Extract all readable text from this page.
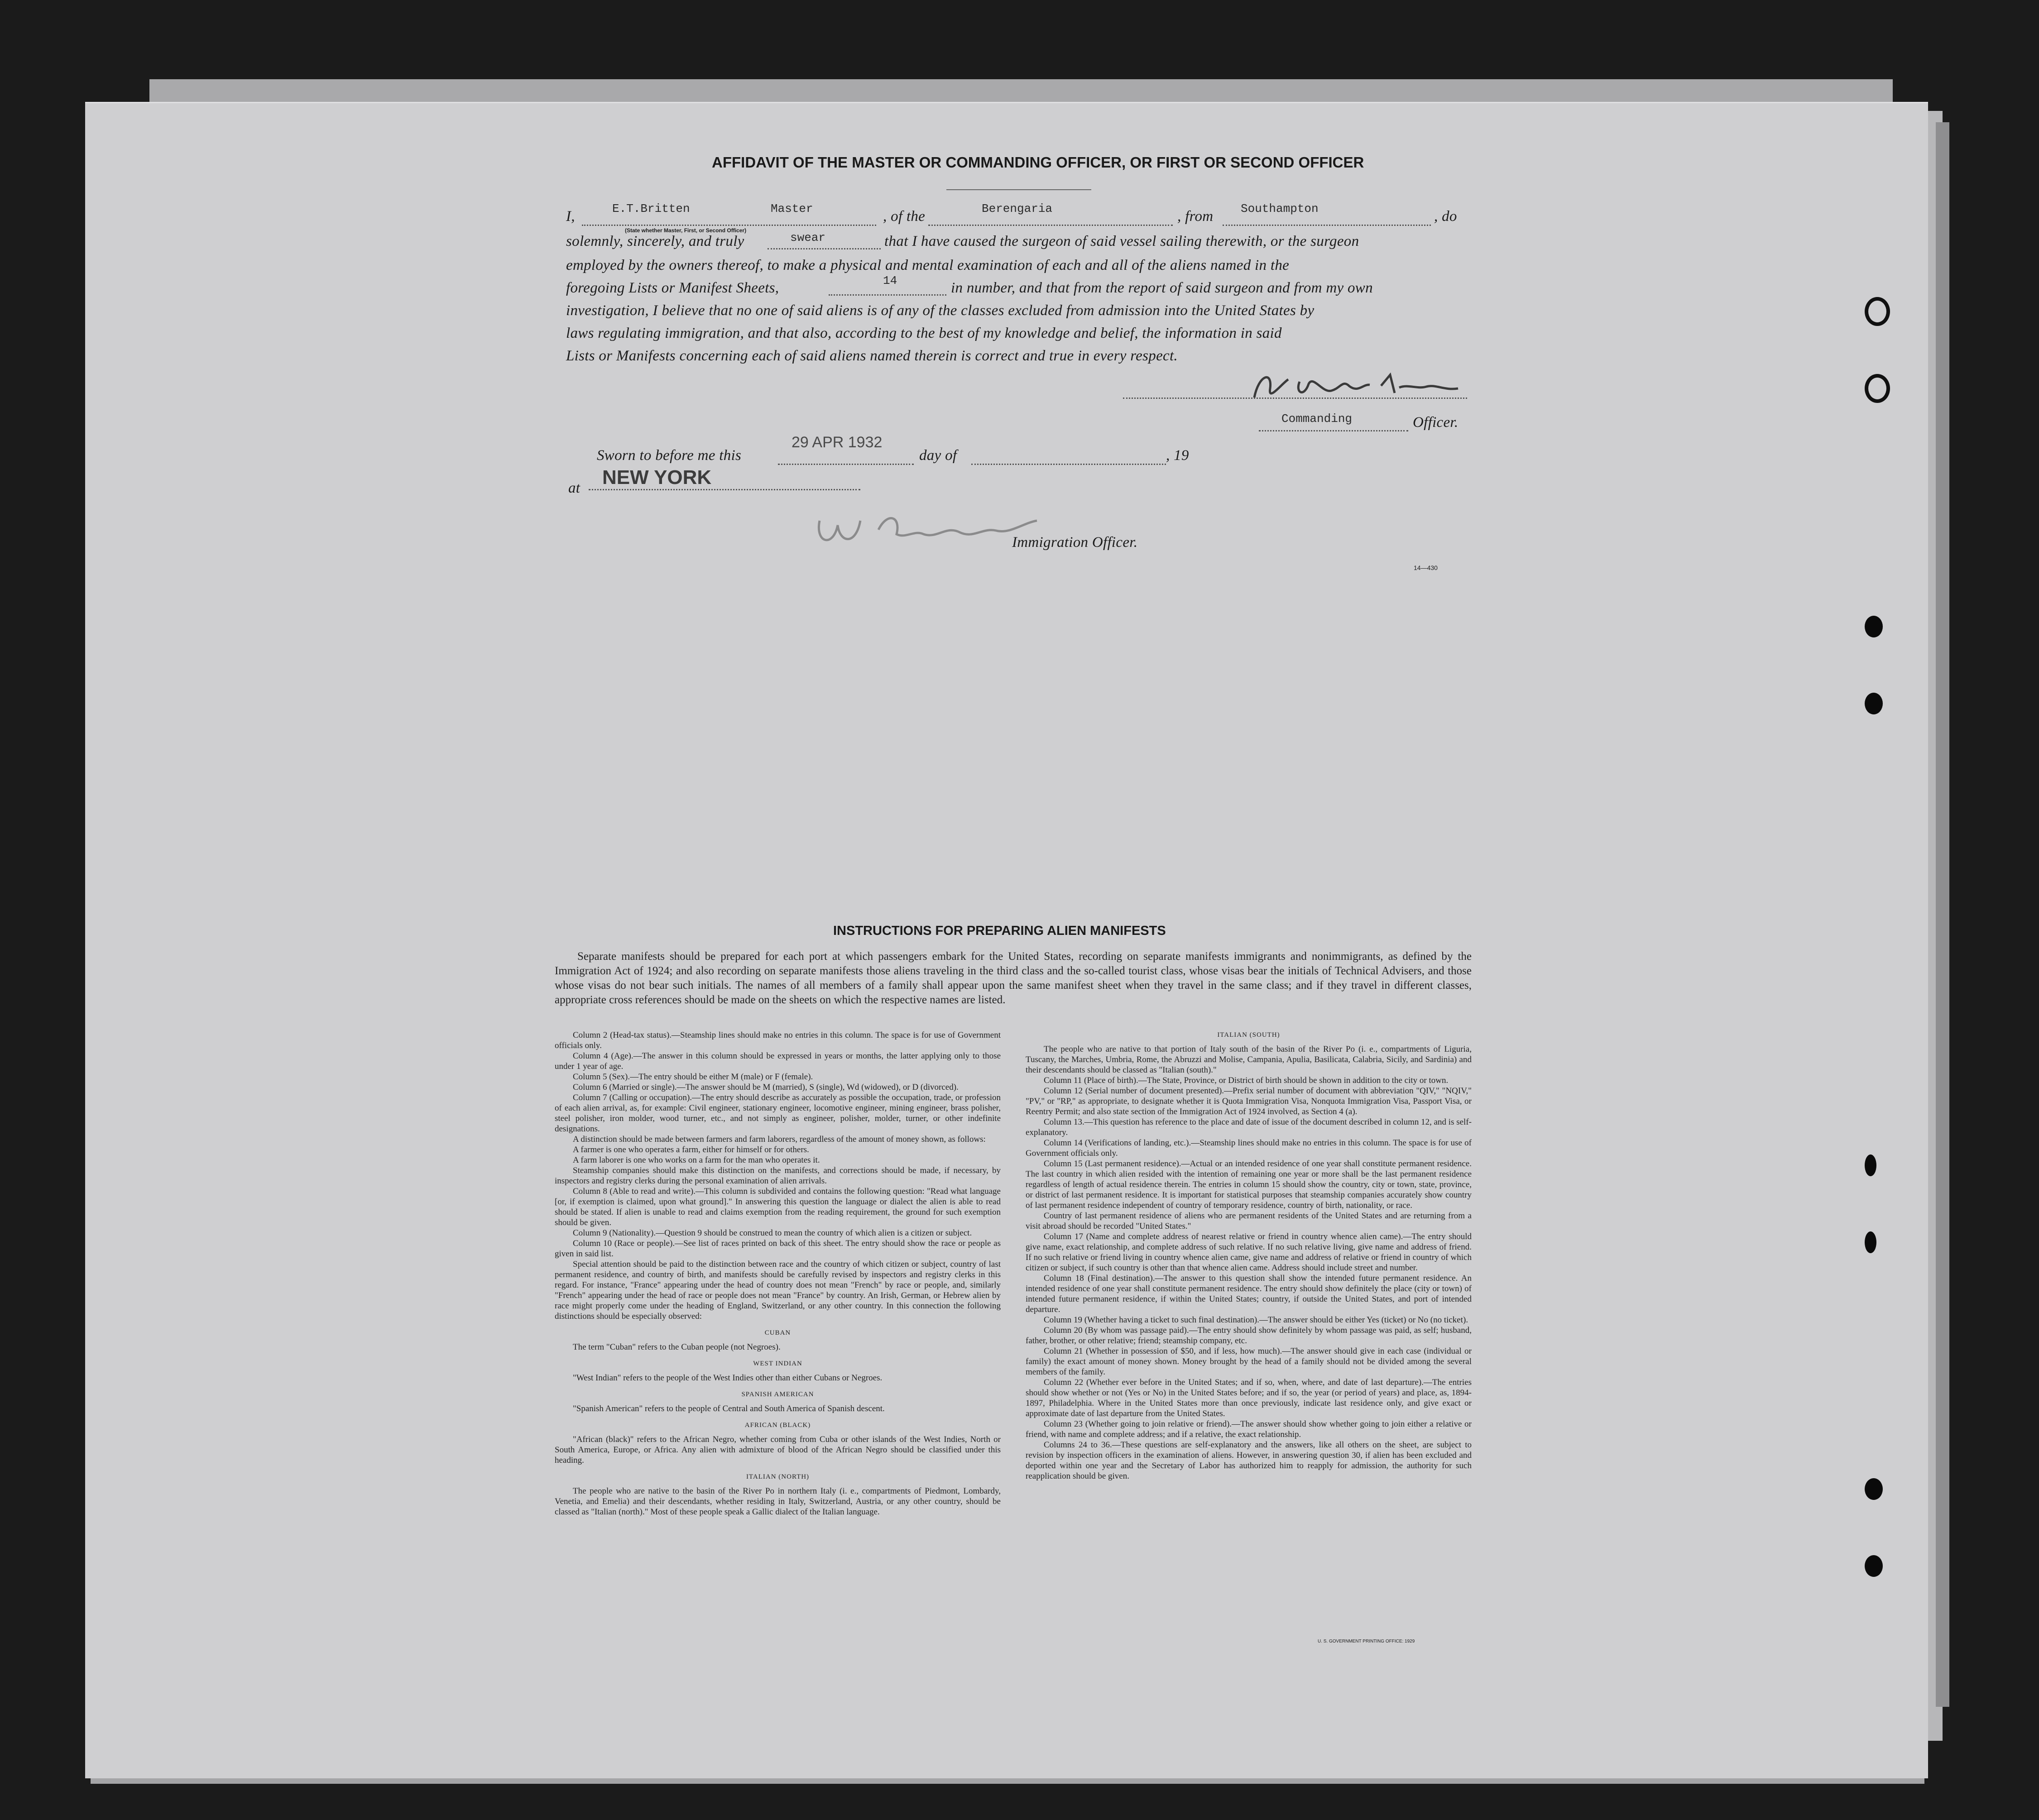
AFFIDAVIT OF THE MASTER OR COMMANDING OFFICER, OR FIRST OR SECOND OFFICER
I,	, of the	, from	, do
E.T.Britten	Master	Berengaria	Southampton
(State whether Master, First, or Second Officer)
solemnly, sincerely, and truly	that I have caused the surgeon of said vessel sailing therewith, or the surgeon
swear
employed by the owners thereof, to make a physical and mental examination of each and all of the aliens named in the
foregoing Lists or Manifest Sheets,	in number, and that from the report of said surgeon and from my own
14
investigation, I believe that no one of said aliens is of any of the classes excluded from admission into the United States by
laws regulating immigration, and that also, according to the best of my knowledge and belief, the information in said
Lists or Manifests concerning each of said aliens named therein is correct and true in every respect.
Commanding	Officer.
Sworn to before me this
29 APR 1932
day of	, 19
at NEW YORK
Immigration Officer.
14—430
INSTRUCTIONS FOR PREPARING ALIEN MANIFESTS
Separate manifests should be prepared for each port at which passengers embark for the United States, recording on separate manifests immigrants and nonimmigrants, as defined by the Immigration Act of 1924; and also recording on separate manifests those aliens traveling in the third class and the so-called tourist class, whose visas bear the initials of Technical Advisers, and those whose visas do not bear such initials. The names of all members of a family shall appear upon the same manifest sheet when they travel in the same class; and if they travel in different classes, appropriate cross references should be made on the sheets on which the respective names are listed.

Column 2 (Head-tax status).—Steamship lines should make no entries in this column. The space is for use of Government officials only.

Column 4 (Age).—The answer in this column should be expressed in years or months, the latter applying only to those under 1 year of age.

Column 5 (Sex).—The entry should be either M (male) or F (female).

Column 6 (Married or single).—The answer should be M (married), S (single), Wd (widowed), or D (divorced).

Column 7 (Calling or occupation).—The entry should describe as accurately as possible the occupation, trade, or profession of each alien arrival, as, for example: Civil engineer, stationary engineer, locomotive engineer, mining engineer, brass polisher, steel polisher, iron molder, wood turner, etc., and not simply as engineer, polisher, molder, turner, or other indefinite designations.

A distinction should be made between farmers and farm laborers, regardless of the amount of money shown, as follows:

A farmer is one who operates a farm, either for himself or for others.

A farm laborer is one who works on a farm for the man who operates it.

Steamship companies should make this distinction on the manifests, and corrections should be made, if necessary, by inspectors and registry clerks during the personal examination of alien arrivals.

Column 8 (Able to read and write).—This column is subdivided and contains the following question: "Read what language [or, if exemption is claimed, upon what ground]." In answering this question the language or dialect the alien is able to read should be stated. If alien is unable to read and claims exemption from the reading requirement, the ground for such exemption should be given.

Column 9 (Nationality).—Question 9 should be construed to mean the country of which alien is a citizen or subject.

Column 10 (Race or people).—See list of races printed on back of this sheet. The entry should show the race or people as given in said list.

Special attention should be paid to the distinction between race and the country of which citizen or subject, country of last permanent residence, and country of birth, and manifests should be carefully revised by inspectors and registry clerks in this regard. For instance, "France" appearing under the head of country does not mean "French" by race or people, and, similarly "French" appearing under the head of race or people does not mean "France" by country. An Irish, German, or Hebrew alien by race might properly come under the heading of England, Switzerland, or any other country. In this connection the following distinctions should be especially observed:

CUBAN

The term "Cuban" refers to the Cuban people (not Negroes).

WEST INDIAN

"West Indian" refers to the people of the West Indies other than either Cubans or Negroes.

SPANISH AMERICAN

"Spanish American" refers to the people of Central and South America of Spanish descent.

AFRICAN (BLACK)

"African (black)" refers to the African Negro, whether coming from Cuba or other islands of the West Indies, North or South America, Europe, or Africa. Any alien with admixture of blood of the African Negro should be classified under this heading.

ITALIAN (NORTH)

The people who are native to the basin of the River Po in northern Italy (i. e., compartments of Piedmont, Lombardy, Venetia, and Emelia) and their descendants, whether residing in Italy, Switzerland, Austria, or any other country, should be classed as "Italian (north)." Most of these people speak a Gallic dialect of the Italian language.

ITALIAN (SOUTH)

The people who are native to that portion of Italy south of the basin of the River Po (i. e., compartments of Liguria, Tuscany, the Marches, Umbria, Rome, the Abruzzi and Molise, Campania, Apulia, Basilicata, Calabria, Sicily, and Sardinia) and their descendants should be classed as "Italian (south)."

Column 11 (Place of birth).—The State, Province, or District of birth should be shown in addition to the city or town.

Column 12 (Serial number of document presented).—Prefix serial number of document with abbreviation "QIV," "NQIV," "PV," or "RP," as appropriate, to designate whether it is Quota Immigration Visa, Nonquota Immigration Visa, Passport Visa, or Reentry Permit; and also state section of the Immigration Act of 1924 involved, as Section 4 (a).

Column 13.—This question has reference to the place and date of issue of the document described in column 12, and is self-explanatory.

Column 14 (Verifications of landing, etc.).—Steamship lines should make no entries in this column. The space is for use of Government officials only.

Column 15 (Last permanent residence).—Actual or an intended residence of one year shall constitute permanent residence. The last country in which alien resided with the intention of remaining one year or more shall be the last permanent residence regardless of length of actual residence therein. The entries in column 15 should show the country, city or town, state, province, or district of last permanent residence. It is important for statistical purposes that steamship companies accurately show country of last permanent residence independent of country of temporary residence, country of birth, nationality, or race.

Country of last permanent residence of aliens who are permanent residents of the United States and are returning from a visit abroad should be recorded "United States."

Column 17 (Name and complete address of nearest relative or friend in country whence alien came).—The entry should give name, exact relationship, and complete address of such relative. If no such relative living, give name and address of friend. If no such relative or friend living in country whence alien came, give name and address of relative or friend in country of which citizen or subject, if such country is other than that whence alien came. Address should include street and number.

Column 18 (Final destination).—The answer to this question shall show the intended future permanent residence. An intended residence of one year shall constitute permanent residence. The entry should show definitely the place (city or town) of intended future permanent residence, if within the United States; country, if outside the United States, and port of intended departure.

Column 19 (Whether having a ticket to such final destination).—The answer should be either Yes (ticket) or No (no ticket).

Column 20 (By whom was passage paid).—The entry should show definitely by whom passage was paid, as self; husband, father, brother, or other relative; friend; steamship company, etc.

Column 21 (Whether in possession of $50, and if less, how much).—The answer should give in each case (individual or family) the exact amount of money shown. Money brought by the head of a family should not be divided among the several members of the family.

Column 22 (Whether ever before in the United States; and if so, when, where, and date of last departure).—The entries should show whether or not (Yes or No) in the United States before; and if so, the year (or period of years) and place, as, 1894-1897, Philadelphia. Where in the United States more than once previously, indicate last residence only, and give exact or approximate date of last departure from the United States.

Column 23 (Whether going to join relative or friend).—The answer should show whether going to join either a relative or friend, with name and complete address; and if a relative, the exact relationship.

Columns 24 to 36.—These questions are self-explanatory and the answers, like all others on the sheet, are subject to revision by inspection officers in the examination of aliens. However, in answering question 30, if alien has been excluded and deported within one year and the Secretary of Labor has authorized him to reapply for admission, the authority for such reapplication should be given.

U. S. GOVERNMENT PRINTING OFFICE: 1929
